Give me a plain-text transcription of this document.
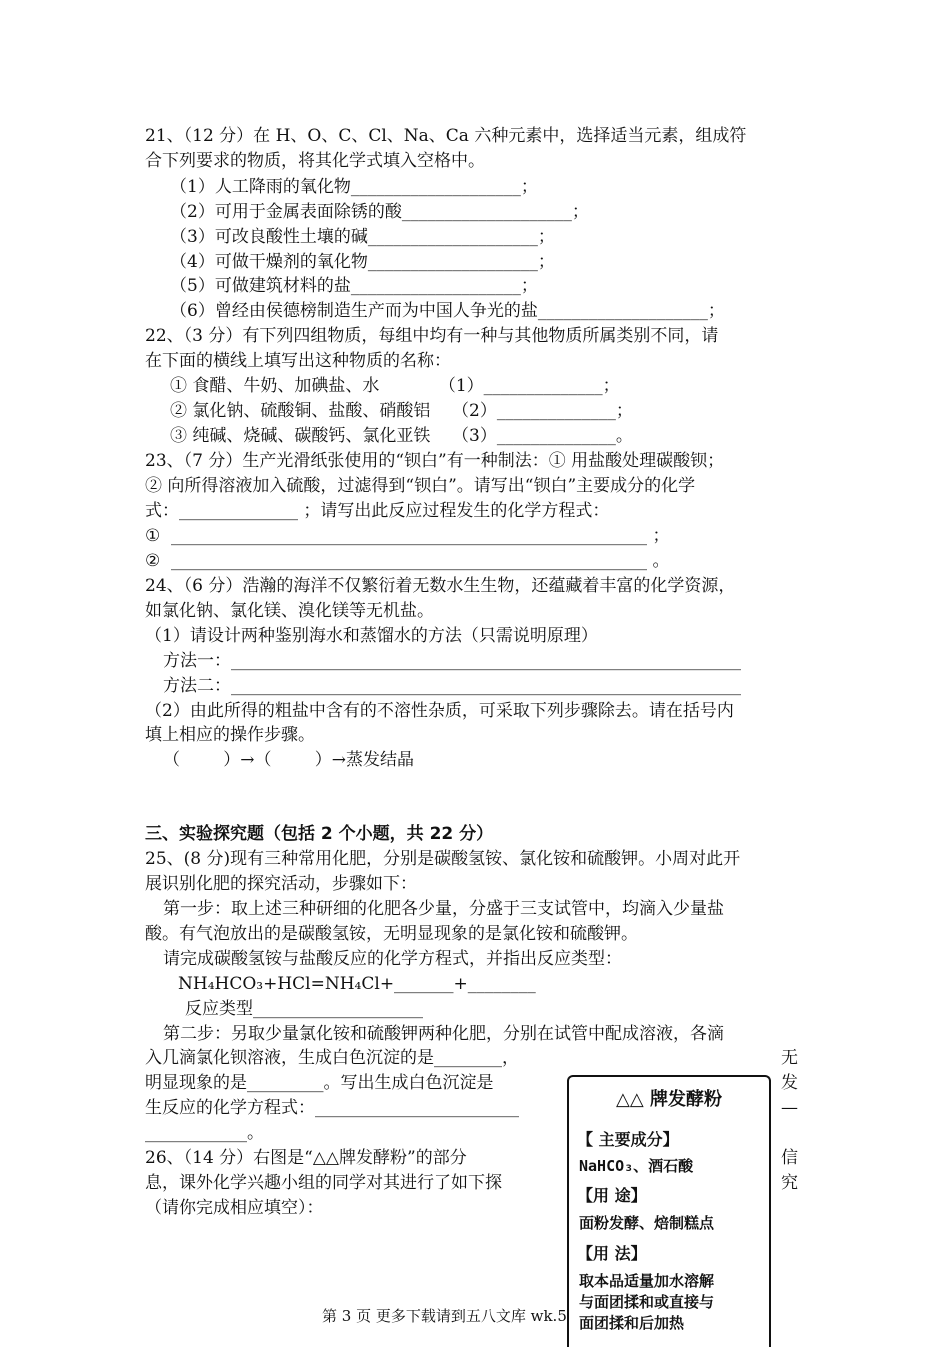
21、（12 分）在 H、O、C、Cl、Na、Ca 六种元素中，选择适当元素，组成符
合下列要求的物质，将其化学式填入空格中。
（1）人工降雨的氧化物____________________；
（2）可用于金属表面除锈的酸____________________；
（3）可改良酸性土壤的碱____________________；
（4）可做干燥剂的氧化物____________________；
（5）可做建筑材料的盐____________________；
（6）曾经由侯德榜制造生产而为中国人争光的盐____________________；
22、（3 分）有下列四组物质，每组中均有一种与其他物质所属类别不同，请
在下面的横线上填写出这种物质的名称：
① 食醋、牛奶、加碘盐、水           （1）______________；
② 氯化钠、硫酸铜、盐酸、硝酸铝    （2）______________；
③ 纯碱、烧碱、碳酸钙、氯化亚铁    （3）______________。
23、（7 分）生产光滑纸张使用的“钡白”有一种制法：① 用盐酸处理碳酸钡；
② 向所得溶液加入硫酸，过滤得到“钡白”。请写出“钡白”主要成分的化学
式：______________ ；请写出此反应过程发生的化学方程式：
①  ________________________________________________________ ；
②  ________________________________________________________ 。
24、（6 分）浩瀚的海洋不仅繁衍着无数水生生物，还蕴藏着丰富的化学资源，
如氯化钠、氯化镁、溴化镁等无机盐。
（1）请设计两种鉴别海水和蒸馏水的方法（只需说明原理）
方法一：____________________________________________________________
方法二：____________________________________________________________
（2）由此所得的粗盐中含有的不溶性杂质，可采取下列步骤除去。请在括号内
填上相应的操作步骤。
（        ）→（        ）→蒸发结晶
三、实验探究题（包括 2 个小题，共 22 分）
25、(8 分)现有三种常用化肥，分别是碳酸氢铵、氯化铵和硫酸钾。小周对此开
展识别化肥的探究活动，步骤如下：
第一步：取上述三种研细的化肥各少量，分盛于三支试管中，均滴入少量盐
酸。有气泡放出的是碳酸氢铵，无明显现象的是氯化铵和硫酸钾。
请完成碳酸氢铵与盐酸反应的化学方程式，并指出反应类型：
NH₄HCO₃+HCl=NH₄Cl+_______+________
反应类型____________________
第二步：另取少量氯化铵和硫酸钾两种化肥，分别在试管中配成溶液，各滴
入几滴氯化钡溶液，生成白色沉淀的是________，
明显现象的是_________。写出生成白色沉淀是
生反应的化学方程式：________________________
____________。
无
发
—
26、（14 分）右图是“△△牌发酵粉”的部分
息，课外化学兴趣小组的同学对其进行了如下探
（请你完成相应填空）：
信
究
△△ 牌发酵粉
【 主要成分】
NaHCO₃、酒石酸
【用 途】
面粉发酵、焙制糕点
【用 法】
取本品适量加水溶解
与面团揉和或直接与
面团揉和后加热
第 3 页 更多下载请到五八文库 wk.5
